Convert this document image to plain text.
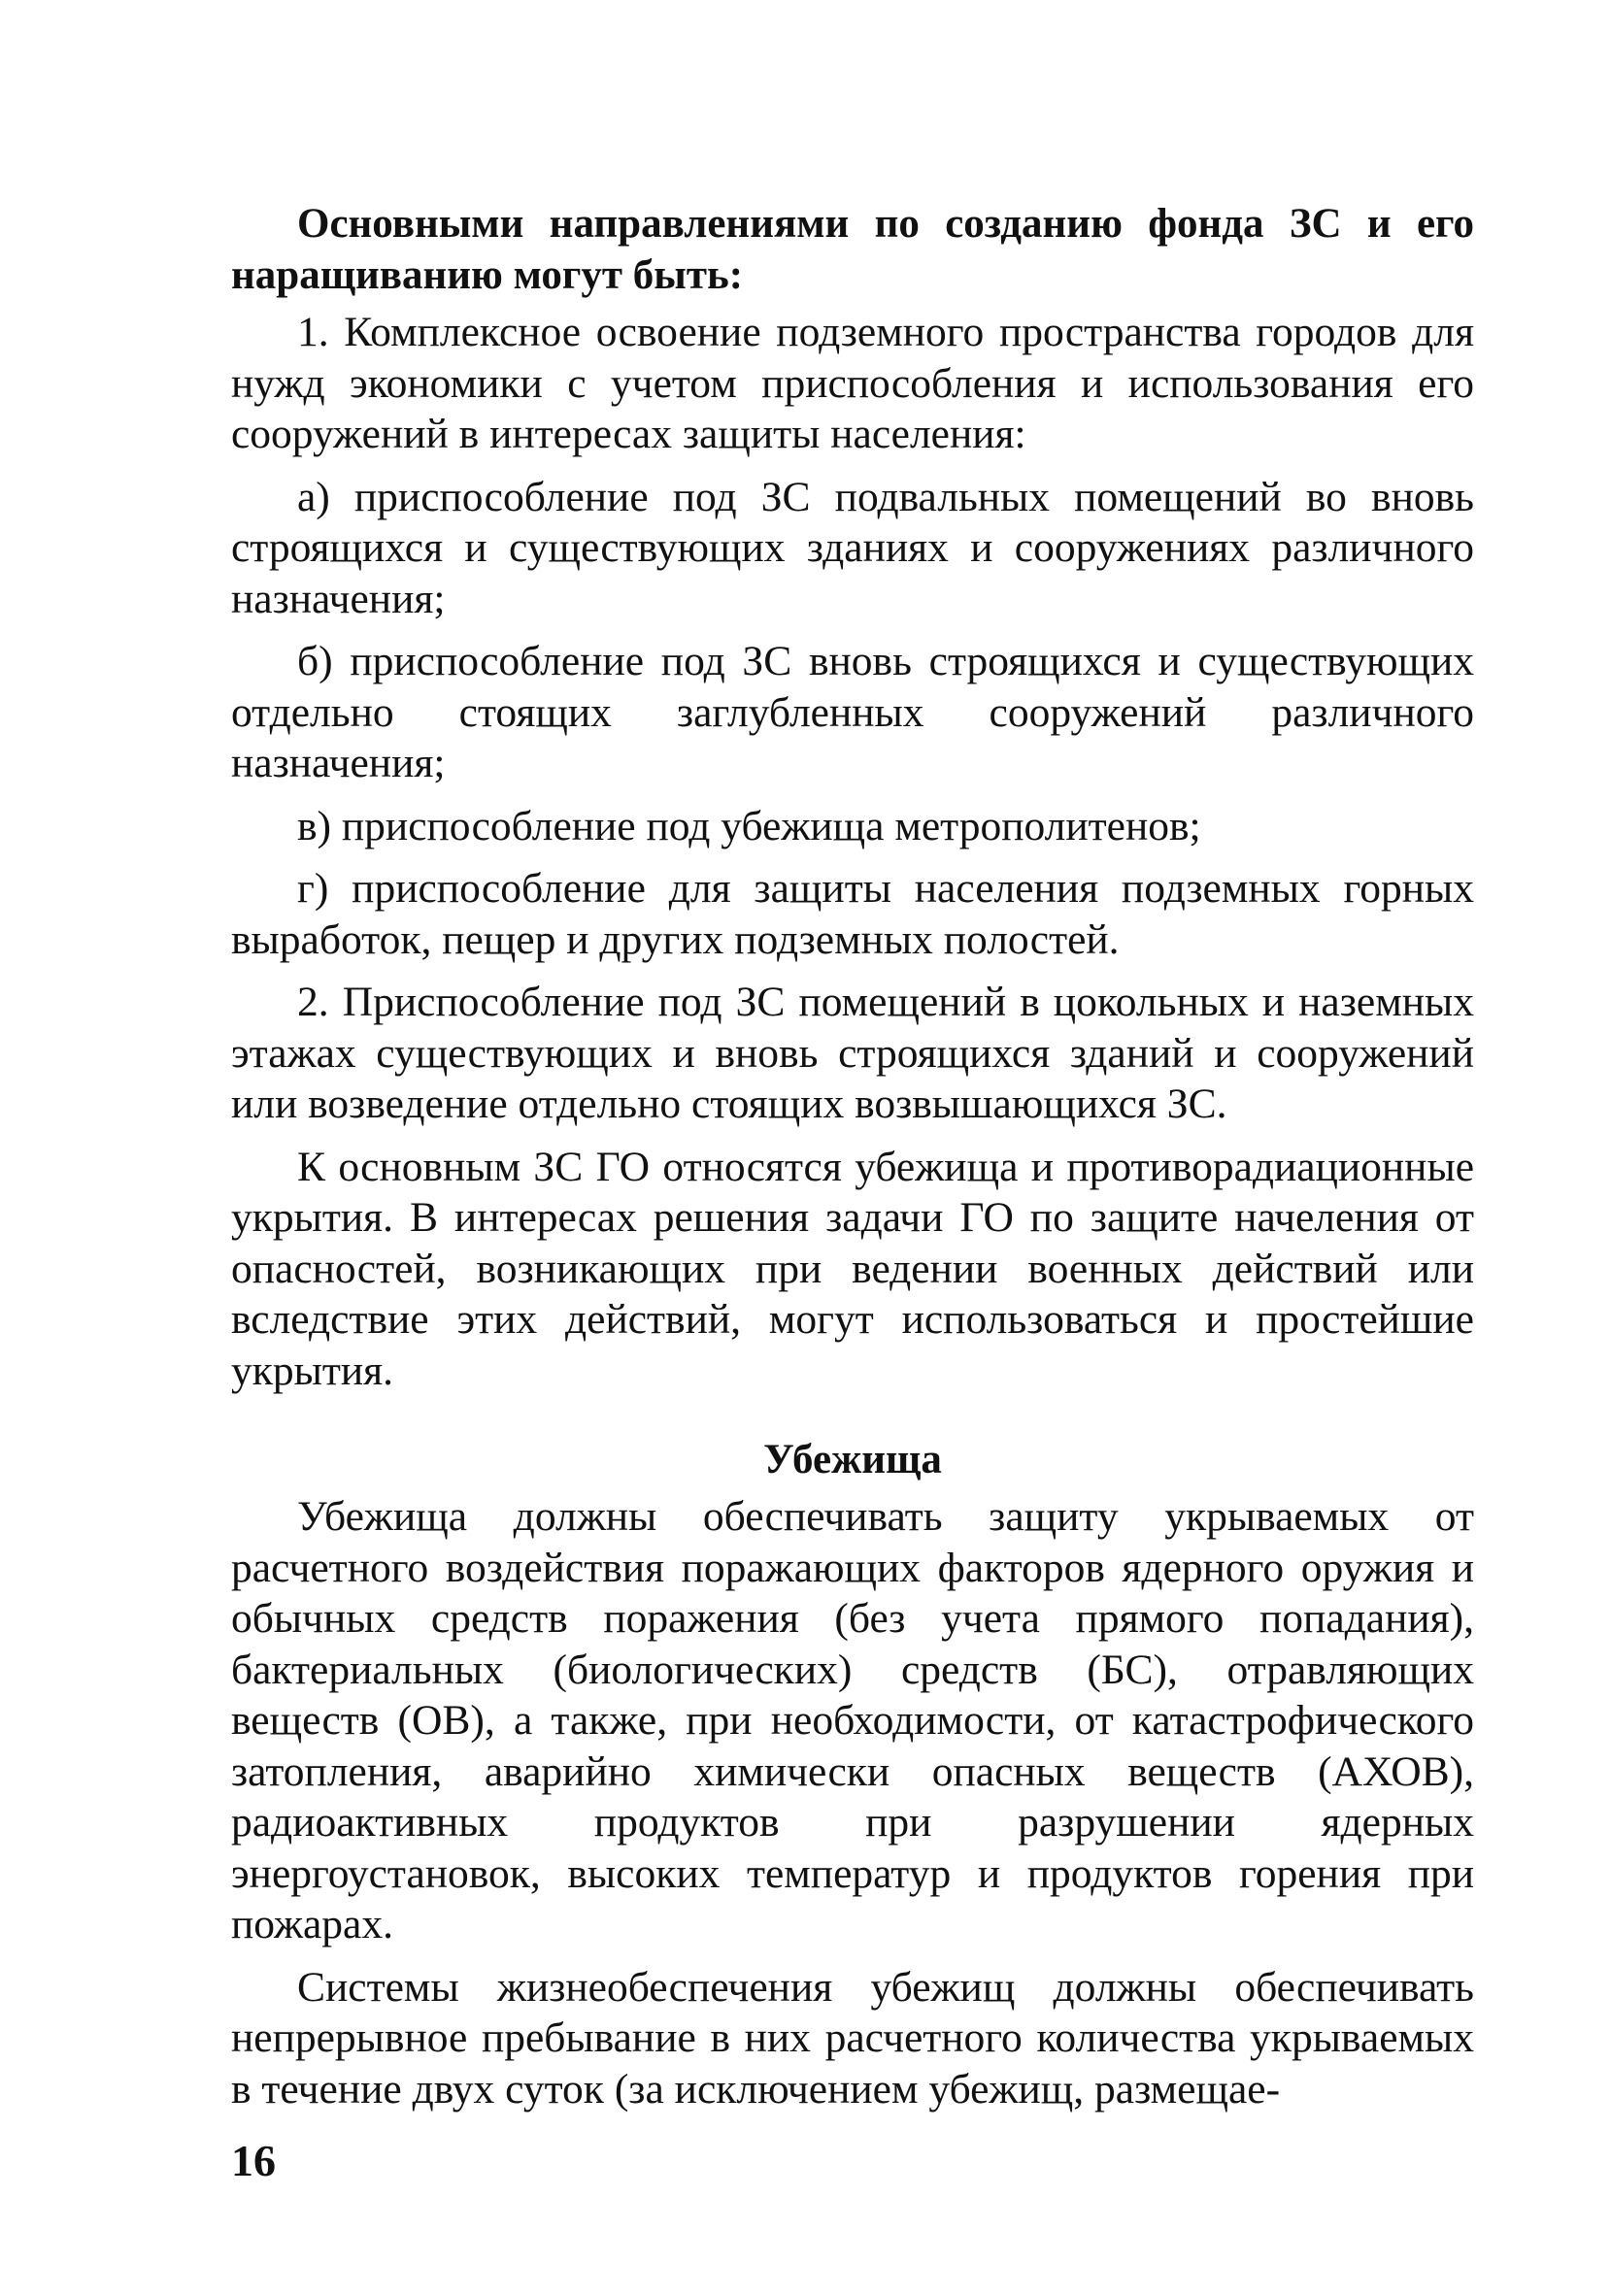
Основными направлениями по созданию фонда ЗС и его наращиванию могут быть:

1. Комплексное освоение подземного пространства городов для нужд экономики с учетом приспособления и использования его сооружений в интересах защиты населения:

а) приспособление под ЗС подвальных помещений во вновь строящихся и существующих зданиях и сооружениях различного назначения;

б) приспособление под ЗС вновь строящихся и существующих отдельно стоящих заглубленных сооружений различного назначения;

в) приспособление под убежища метрополитенов;

г) приспособление для защиты населения подземных горных выработок, пещер и других подземных полостей.

2. Приспособление под ЗС помещений в цокольных и наземных этажах существующих и вновь строящихся зданий и сооружений или возведение отдельно стоящих возвышающихся ЗС.

К основным ЗС ГО относятся убежища и противорадиационные укрытия. В интересах решения задачи ГО по защите начеления от опасностей, возникающих при ведении военных действий или вследствие этих действий, могут использоваться и простейшие укрытия.

Убежища

Убежища должны обеспечивать защиту укрываемых от расчетного воздействия поражающих факторов ядерного оружия и обычных средств поражения (без учета прямого попадания), бактериальных (биологических) средств (БС), отравляющих веществ (ОВ), а также, при необходимости, от катастрофического затопления, аварийно химически опасных веществ (АХОВ), радиоактивных продуктов при разрушении ядерных энергоустановок, высоких температур и продуктов горения при пожарах.

Системы жизнеобеспечения убежищ должны обеспечивать непрерывное пребывание в них расчетного количества укрываемых в течение двух суток (за исключением убежищ, размещае-

16
